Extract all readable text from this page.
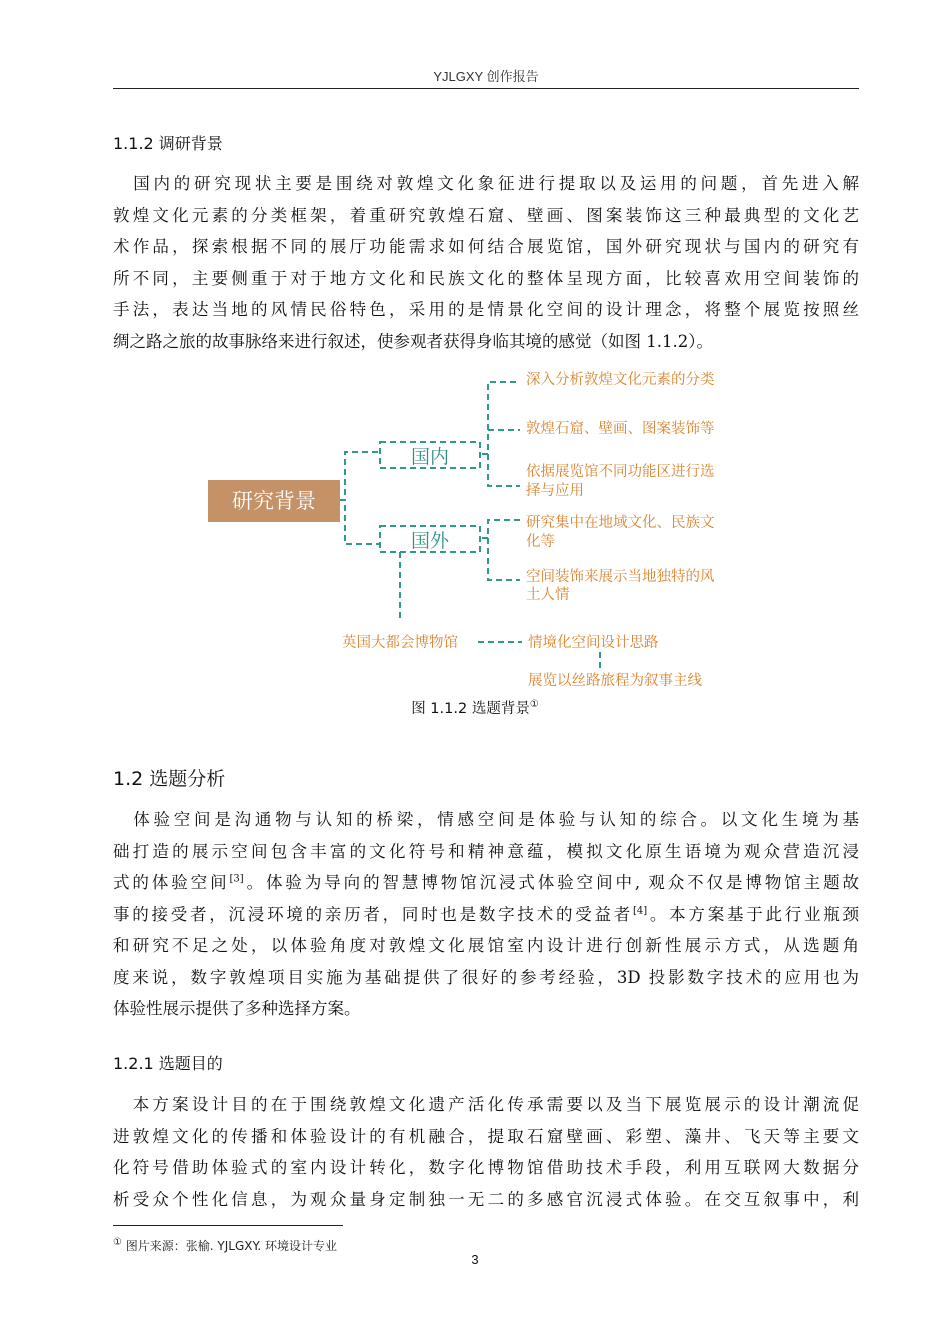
YJLGXY 创作报告
1.1.2 调研背景
　国内的研究现状主要是围绕对敦煌文化象征进行提取以及运用的问题，首先进入解
敦煌文化元素的分类框架，着重研究敦煌石窟、壁画、图案装饰这三种最典型的文化艺
术作品，探索根据不同的展厅功能需求如何结合展览馆，国外研究现状与国内的研究有
所不同，主要侧重于对于地方文化和民族文化的整体呈现方面，比较喜欢用空间装饰的
手法，表达当地的风情民俗特色，采用的是情景化空间的设计理念，将整个展览按照丝
绸之路之旅的故事脉络来进行叙述，使参观者获得身临其境的感觉（如图 1.1.2）。
研究背景
国内
国外
深入分析敦煌文化元素的分类
敦煌石窟、壁画、图案装饰等
依据展览馆不同功能区进行选
择与应用
研究集中在地域文化、民族文
化等
空间装饰来展示当地独特的风
土人情
英国大都会博物馆	情境化空间设计思路
展览以丝路旅程为叙事主线
图 1.1.2 选题背景①
1.2 选题分析
　体验空间是沟通物与认知的桥梁，情感空间是体验与认知的综合。以文化生境为基
础打造的展示空间包含丰富的文化符号和精神意蕴，模拟文化原生语境为观众营造沉浸
式的体验空间[3]。体验为导向的智慧博物馆沉浸式体验空间中, 观众不仅是博物馆主题故
事的接受者，沉浸环境的亲历者，同时也是数字技术的受益者[4]。本方案基于此行业瓶颈
和研究不足之处，以体验角度对敦煌文化展馆室内设计进行创新性展示方式，从选题角
度来说，数字敦煌项目实施为基础提供了很好的参考经验，3D 投影数字技术的应用也为
体验性展示提供了多种选择方案。
1.2.1 选题目的
　本方案设计目的在于围绕敦煌文化遗产活化传承需要以及当下展览展示的设计潮流促
进敦煌文化的传播和体验设计的有机融合，提取石窟壁画、彩塑、藻井、飞天等主要文
化符号借助体验式的室内设计转化，数字化博物馆借助技术手段，利用互联网大数据分
析受众个性化信息，为观众量身定制独一无二的多感官沉浸式体验。在交互叙事中，利
① 图片来源：张榆. YJLGXY. 环境设计专业
3
